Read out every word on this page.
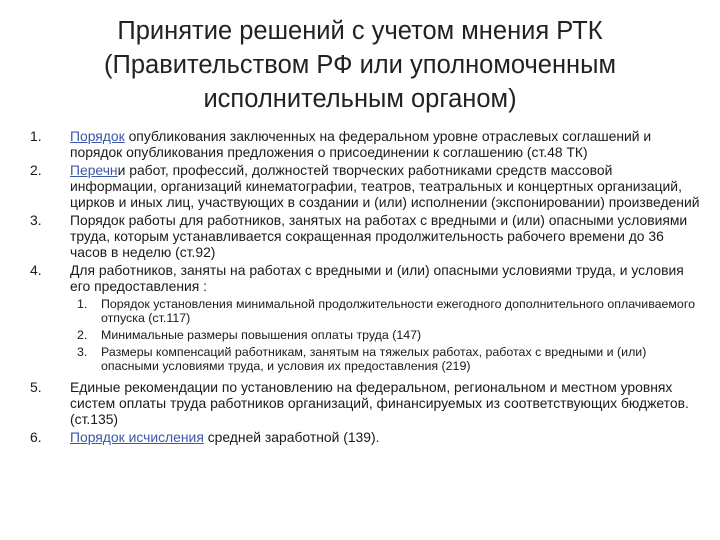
Принятие решений с учетом мнения РТК
(Правительством РФ или уполномоченным
исполнительным органом)
1.	Порядок опубликования заключенных на федеральном уровне отраслевых соглашений и порядок опубликования предложения о присоединении к соглашению (ст.48 ТК)
2.	Перечни работ, профессий, должностей творческих работниками средств массовой информации, организаций кинематографии, театров, театральных и концертных организаций, цирков и иных лиц, участвующих в создании и (или) исполнении (экспонировании) произведений
3.	Порядок работы для работников, занятых на работах с вредными и (или) опасными условиями труда, которым устанавливается сокращенная продолжительность рабочего времени до 36 часов в неделю (ст.92)
4.	Для работников, заняты на работах с вредными и (или) опасными условиями труда, и условия его предоставления :
1.	Порядок установления минимальной продолжительности ежегодного дополнительного оплачиваемого отпуска (ст.117)
2.	Минимальные размеры повышения оплаты труда (147)
3.	Размеры компенсаций работникам, занятым на тяжелых работах, работах с вредными и (или) опасными условиями труда, и условия их предоставления (219)
5.	Единые рекомендации по установлению на федеральном, региональном и местном уровнях систем оплаты труда работников организаций, финансируемых из соответствующих бюджетов. (ст.135)
6.	Порядок исчисления средней заработной (139).
